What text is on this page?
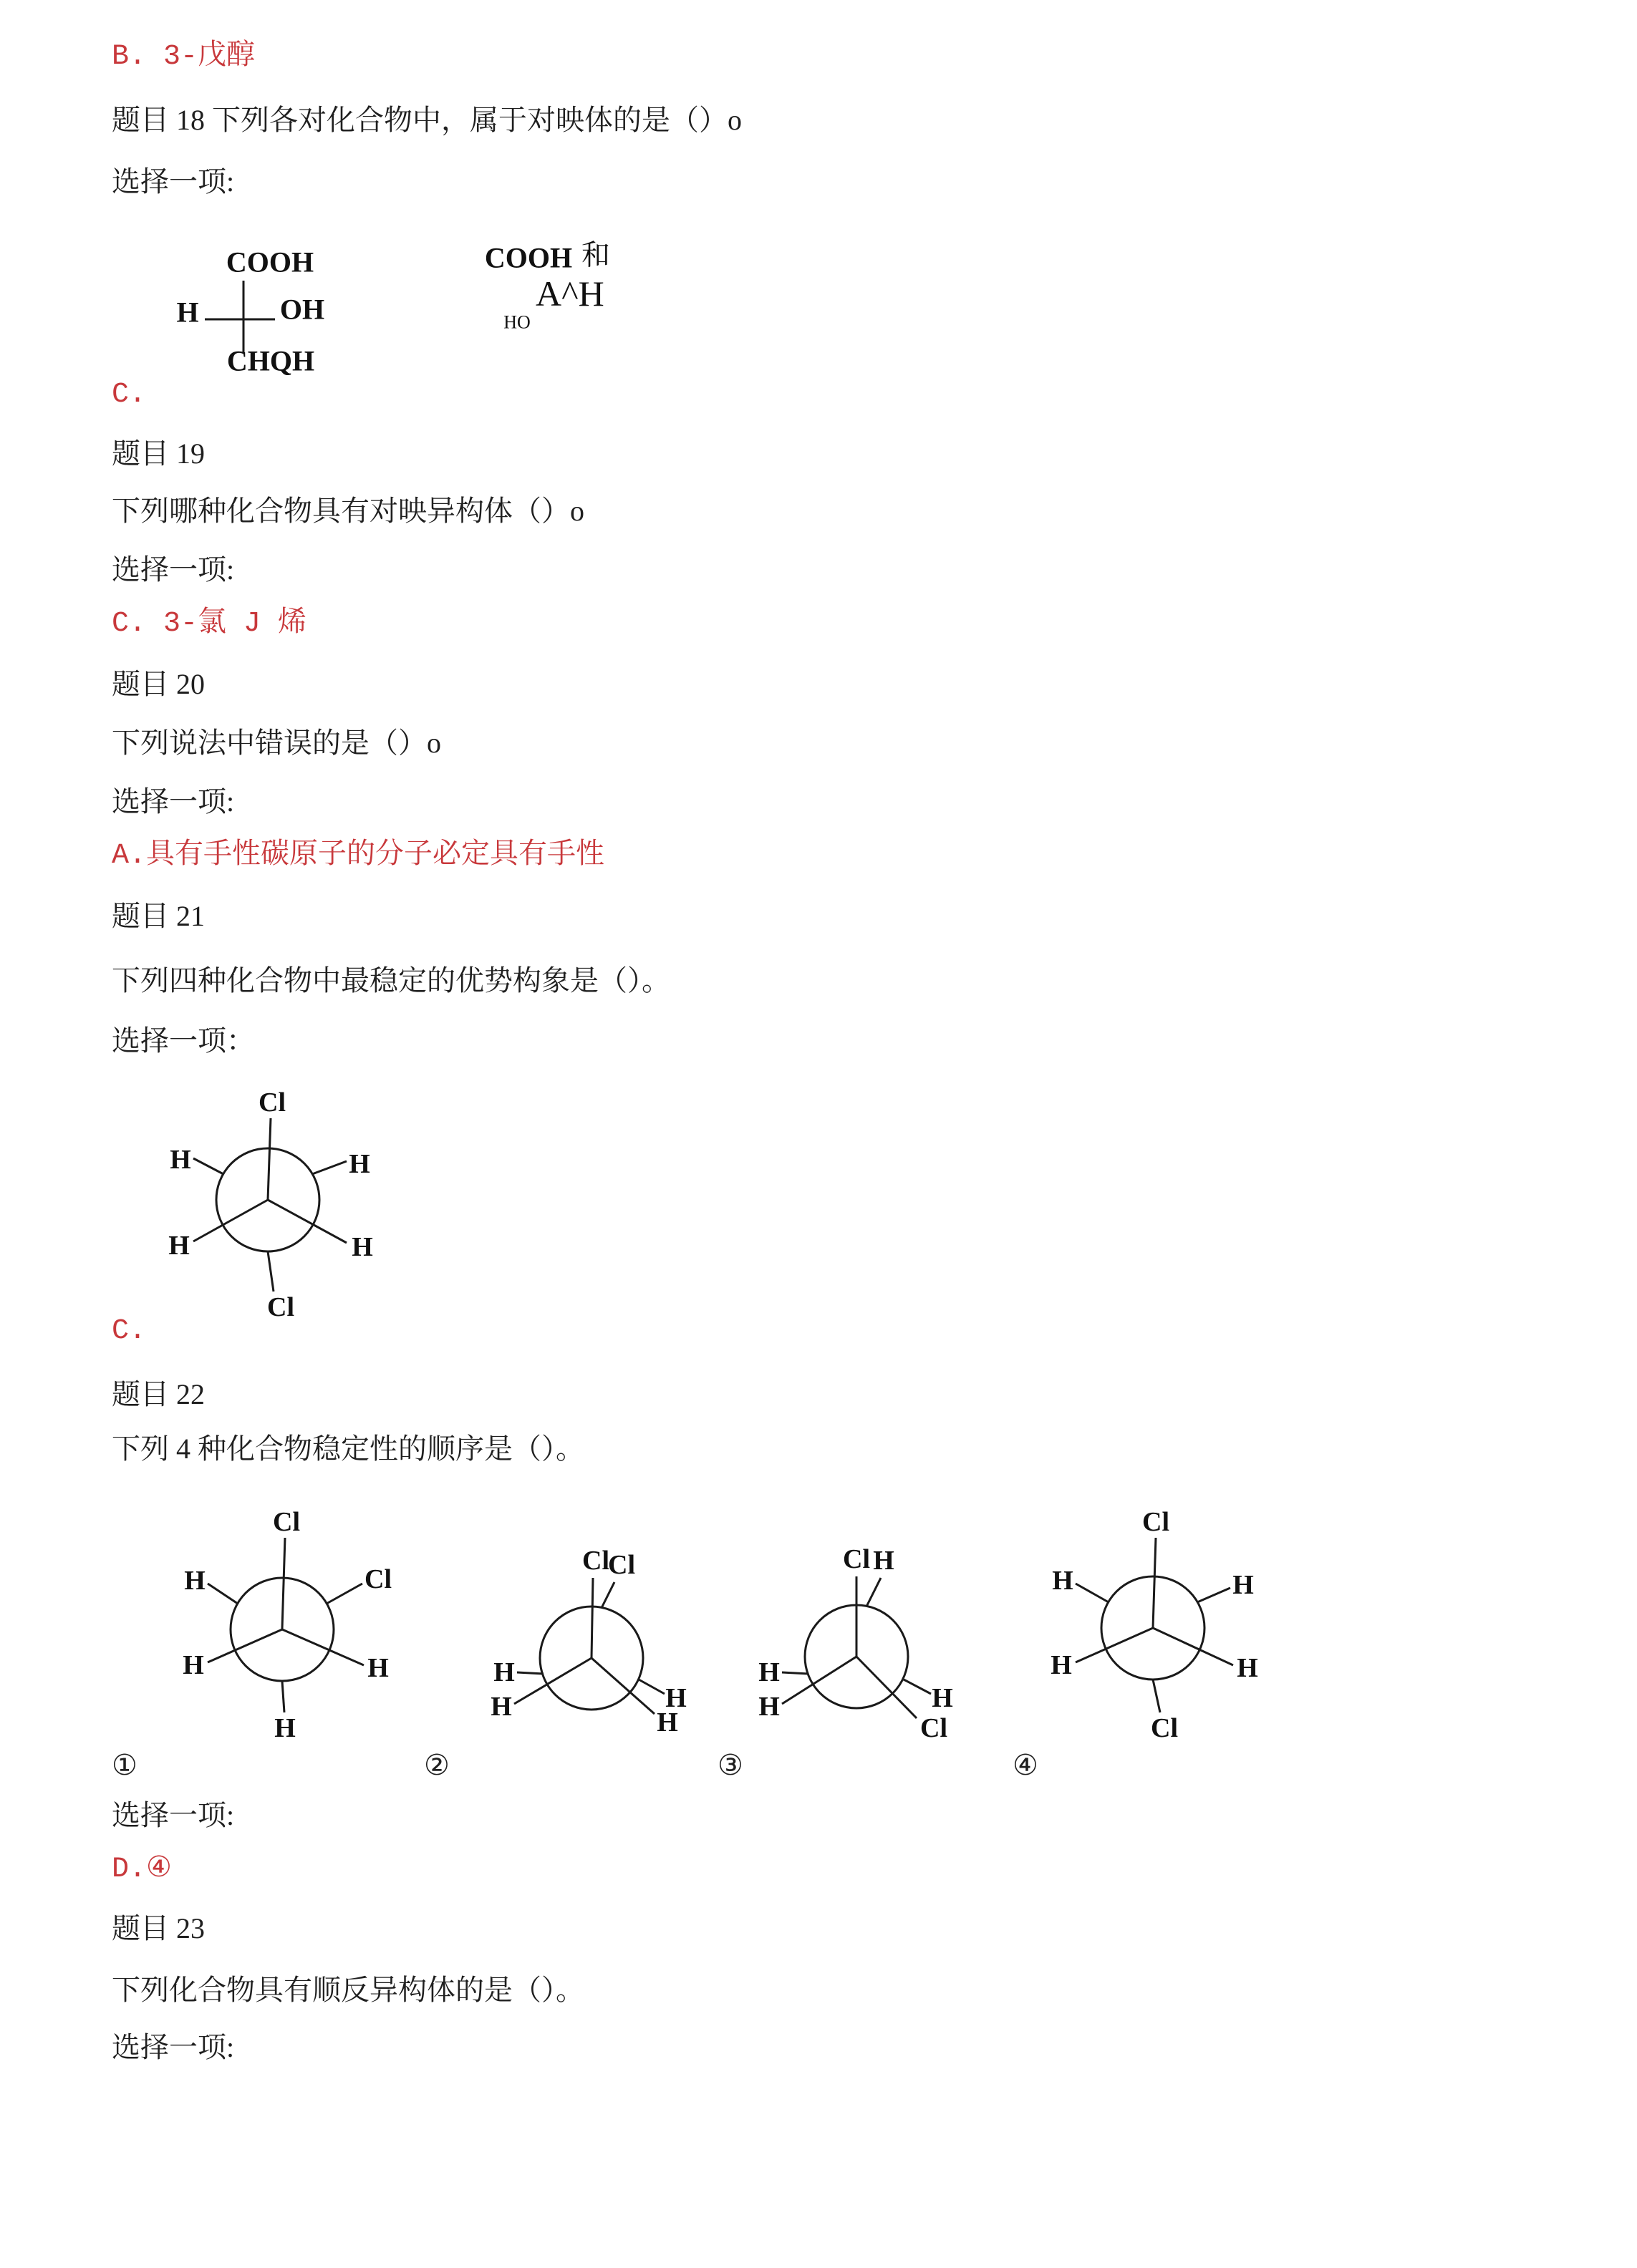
B. 3-戊醇
题目 18 下列各对化合物中，属于对映体的是（）o
选择一项:
COOH
H	OH
CHQH
COOH 和
HO
A^H
C.
题目 19
下列哪种化合物具有对映异构体（）o
选择一项:
C. 3-氯 J 烯
题目 20
下列说法中错误的是（）o
选择一项:
A.具有手性碳原子的分子必定具有手性
题目 21
下列四种化合物中最稳定的优势构象是（）。
选择一项：
Cl
H	H
H	H
Cl
C.
题目 22
下列 4 种化合物稳定性的顺序是（）。
Cl
H	Cl
H	H
H
Cl
Cl
H
H	H
H
Cl H
H
H	H
Cl
Cl
H	H
H	H
Cl
①	②	③	④
选择一项:
D.④
题目 23
下列化合物具有顺反异构体的是（）。
选择一项:
